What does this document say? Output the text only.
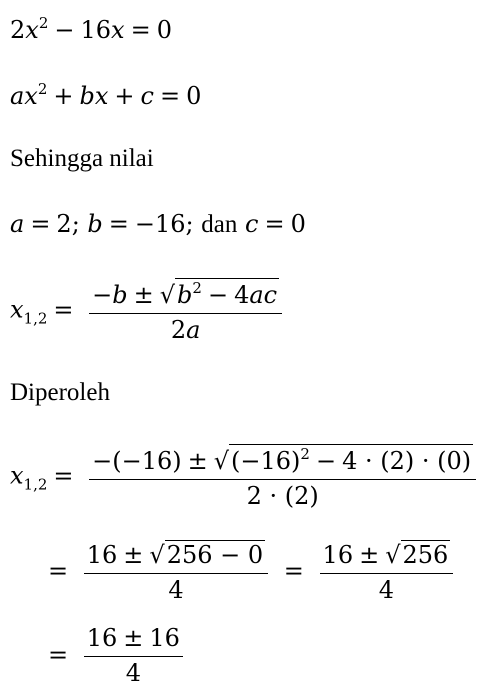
$2x^2 - 16x = 0$
$ax^2$ + bx + c = 0
Sehingga nilai
a = 2; b = −16; dan c = 0
$x_{1,2} = \frac{-b \pm √b^2 - 4ac}{2a}$
Diperoleh
$x_{1,2} = \frac{-(-16) \pm √(-16)^2 - 4 \cdot (2) \cdot (0)}{2 \cdot (2)}$
= $\frac{16 \pm √256 - 0}{4} = \frac{16 \pm √256}{4}$
= $\frac{16 \pm 16}{4}$
